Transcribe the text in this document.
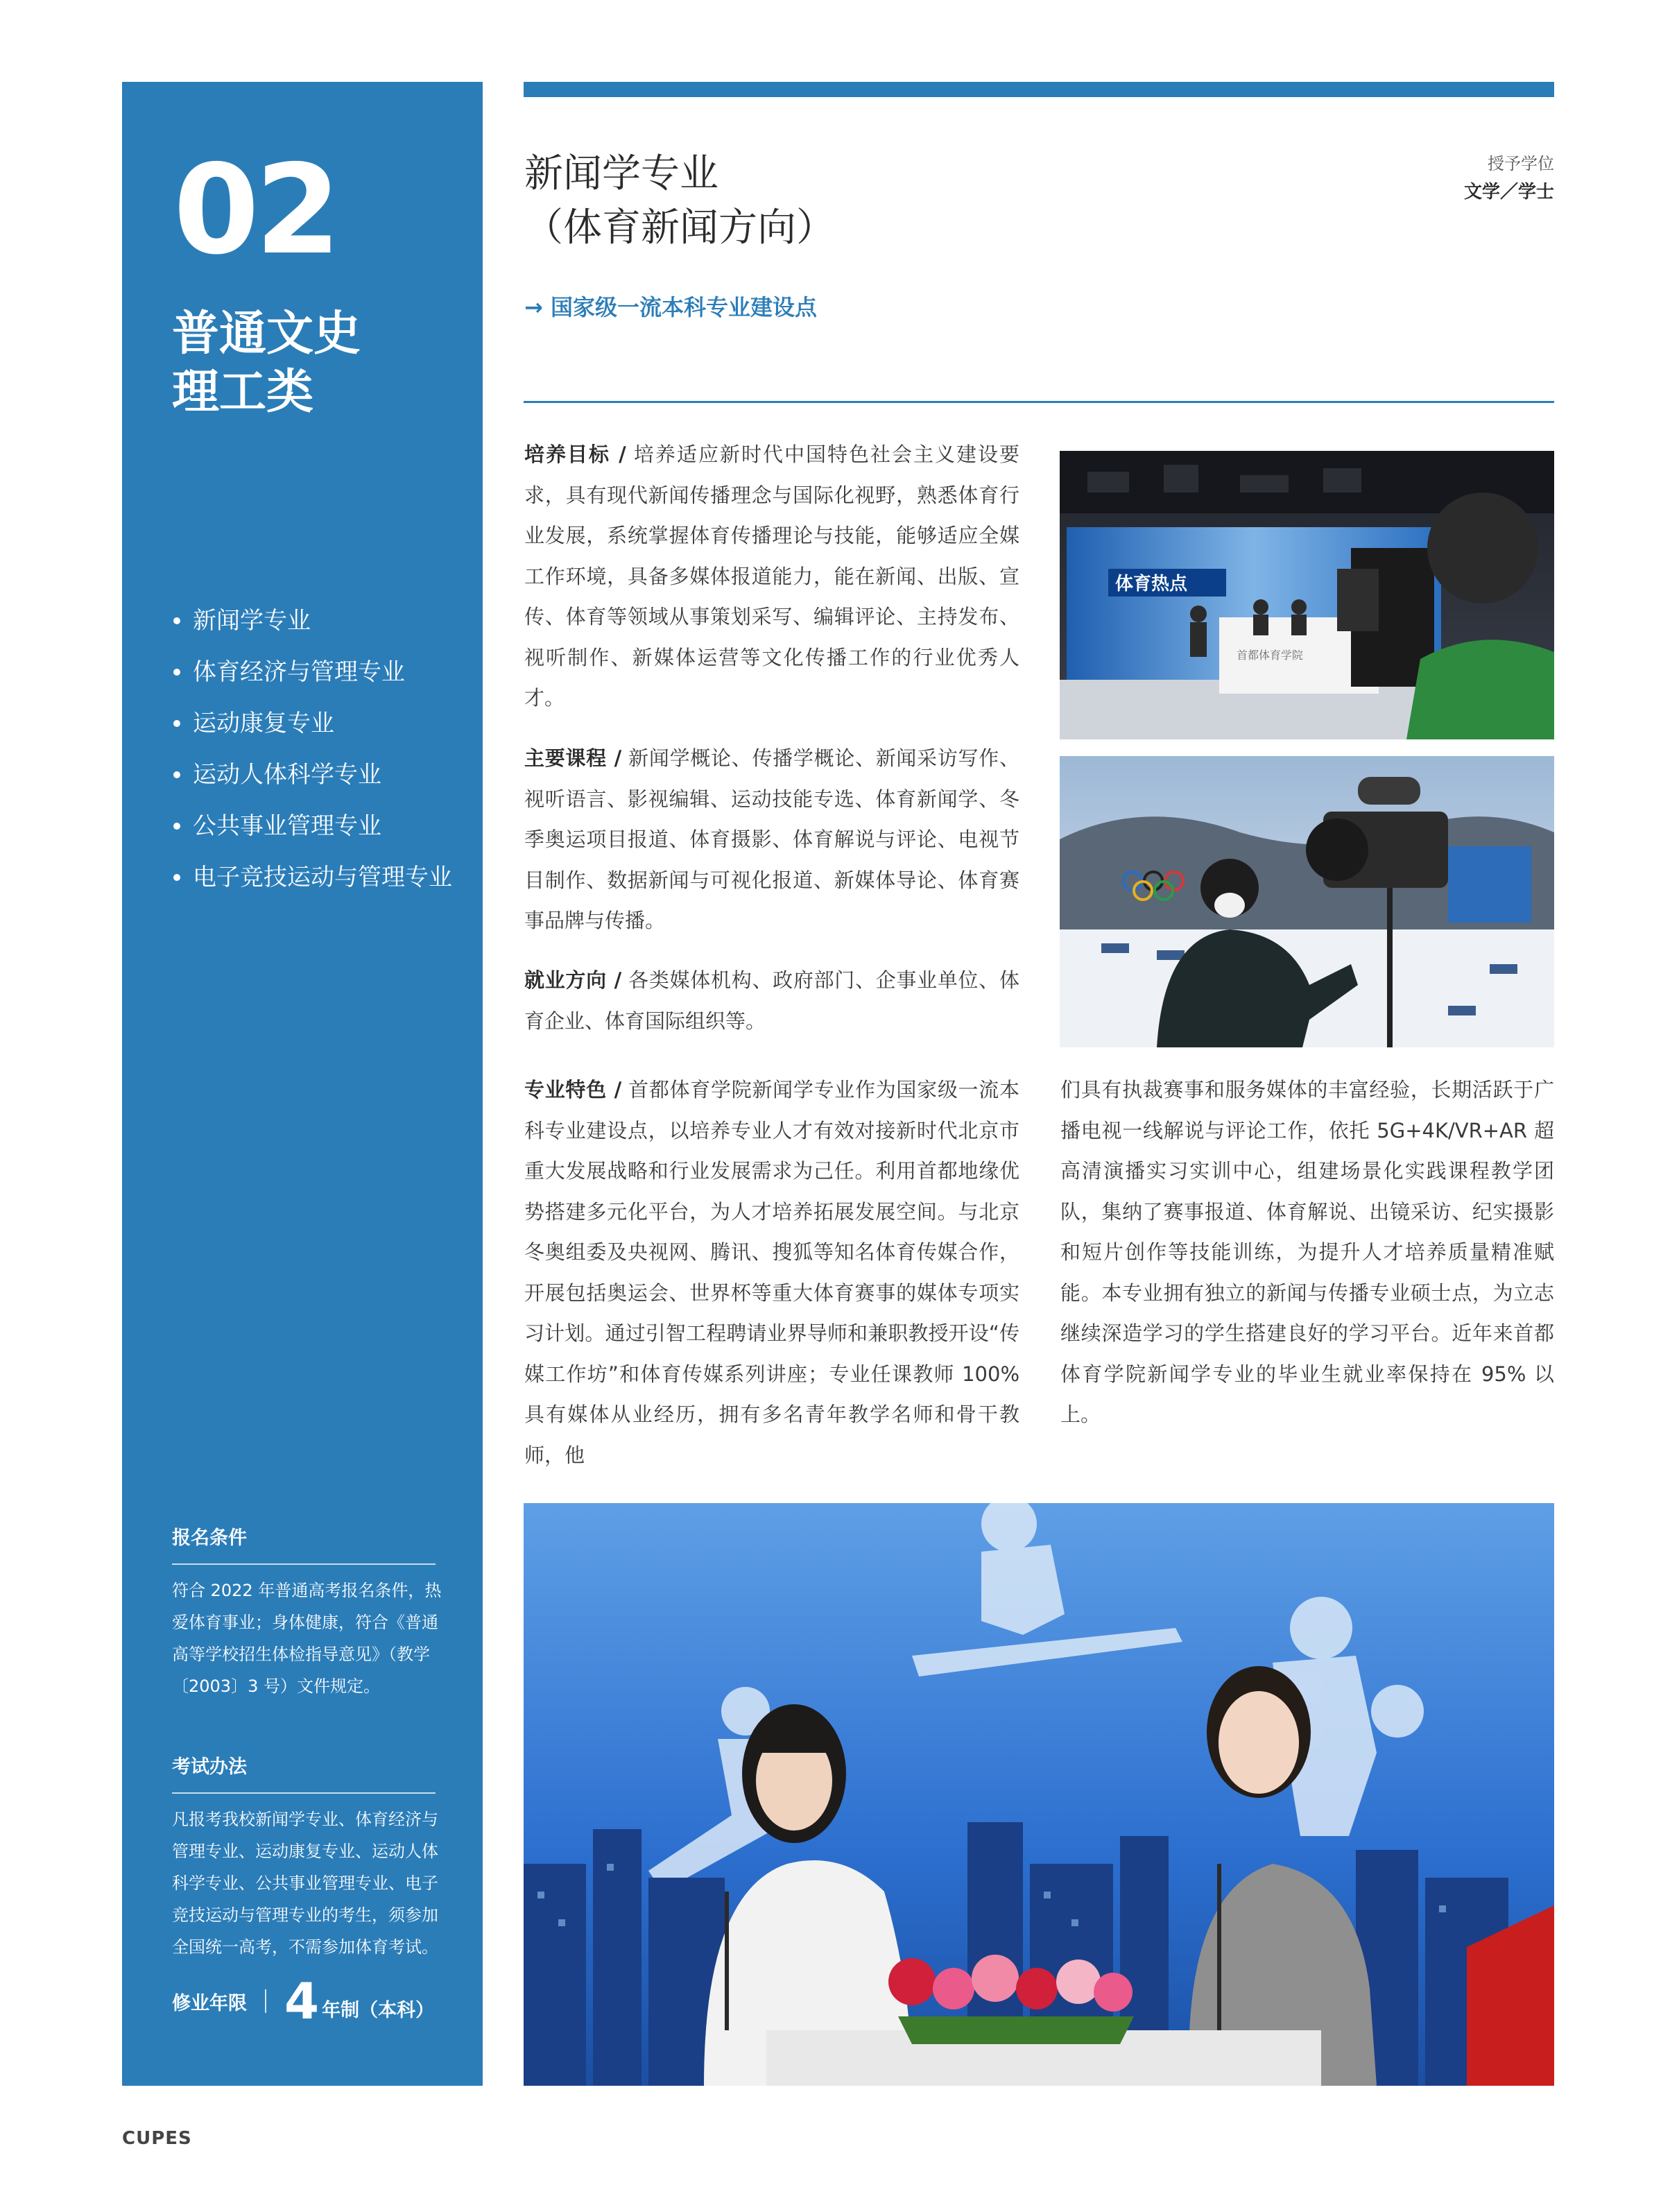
02
普通文史
理工类
新闻学专业
体育经济与管理专业
运动康复专业
运动人体科学专业
公共事业管理专业
电子竞技运动与管理专业
报名条件

符合 2022 年普通高考报名条件，热爱体育事业；身体健康，符合《普通高等学校招生体检指导意见》（教学〔2003〕3 号）文件规定。

考试办法

凡报考我校新闻学专业、体育经济与管理专业、运动康复专业、运动人体科学专业、公共事业管理专业、电子竞技运动与管理专业的考生，须参加全国统一高考，不需参加体育考试。

修业年限 4 年制（本科）

CUPES

新闻学专业
（体育新闻方向）

授予学位

文学／学士

→ 国家级一流本科专业建设点

培养目标 / 培养适应新时代中国特色社会主义建设要求，具有现代新闻传播理念与国际化视野，熟悉体育行业发展，系统掌握体育传播理论与技能，能够适应全媒工作环境，具备多媒体报道能力，能在新闻、出版、宣传、体育等领域从事策划采写、编辑评论、主持发布、视听制作、新媒体运营等文化传播工作的行业优秀人才。

主要课程 / 新闻学概论、传播学概论、新闻采访写作、视听语言、影视编辑、运动技能专选、体育新闻学、冬季奥运项目报道、体育摄影、体育解说与评论、电视节目制作、数据新闻与可视化报道、新媒体导论、体育赛事品牌与传播。

就业方向 / 各类媒体机构、政府部门、企事业单位、体育企业、体育国际组织等。

专业特色 / 首都体育学院新闻学专业作为国家级一流本科专业建设点，以培养专业人才有效对接新时代北京市重大发展战略和行业发展需求为己任。利用首都地缘优势搭建多元化平台，为人才培养拓展发展空间。与北京冬奥组委及央视网、腾讯、搜狐等知名体育传媒合作，开展包括奥运会、世界杯等重大体育赛事的媒体专项实习计划。通过引智工程聘请业界导师和兼职教授开设“传媒工作坊”和体育传媒系列讲座；专业任课教师 100% 具有媒体从业经历，拥有多名青年教学名师和骨干教师，他

们具有执裁赛事和服务媒体的丰富经验，长期活跃于广播电视一线解说与评论工作，依托 5G+4K/VR+AR 超高清演播实习实训中心，组建场景化实践课程教学团队，集纳了赛事报道、体育解说、出镜采访、纪实摄影和短片创作等技能训练，为提升人才培养质量精准赋能。本专业拥有独立的新闻与传播专业硕士点，为立志继续深造学习的学生搭建良好的学习平台。近年来首都体育学院新闻学专业的毕业生就业率保持在 95% 以上。

体育热点
首都体育学院
